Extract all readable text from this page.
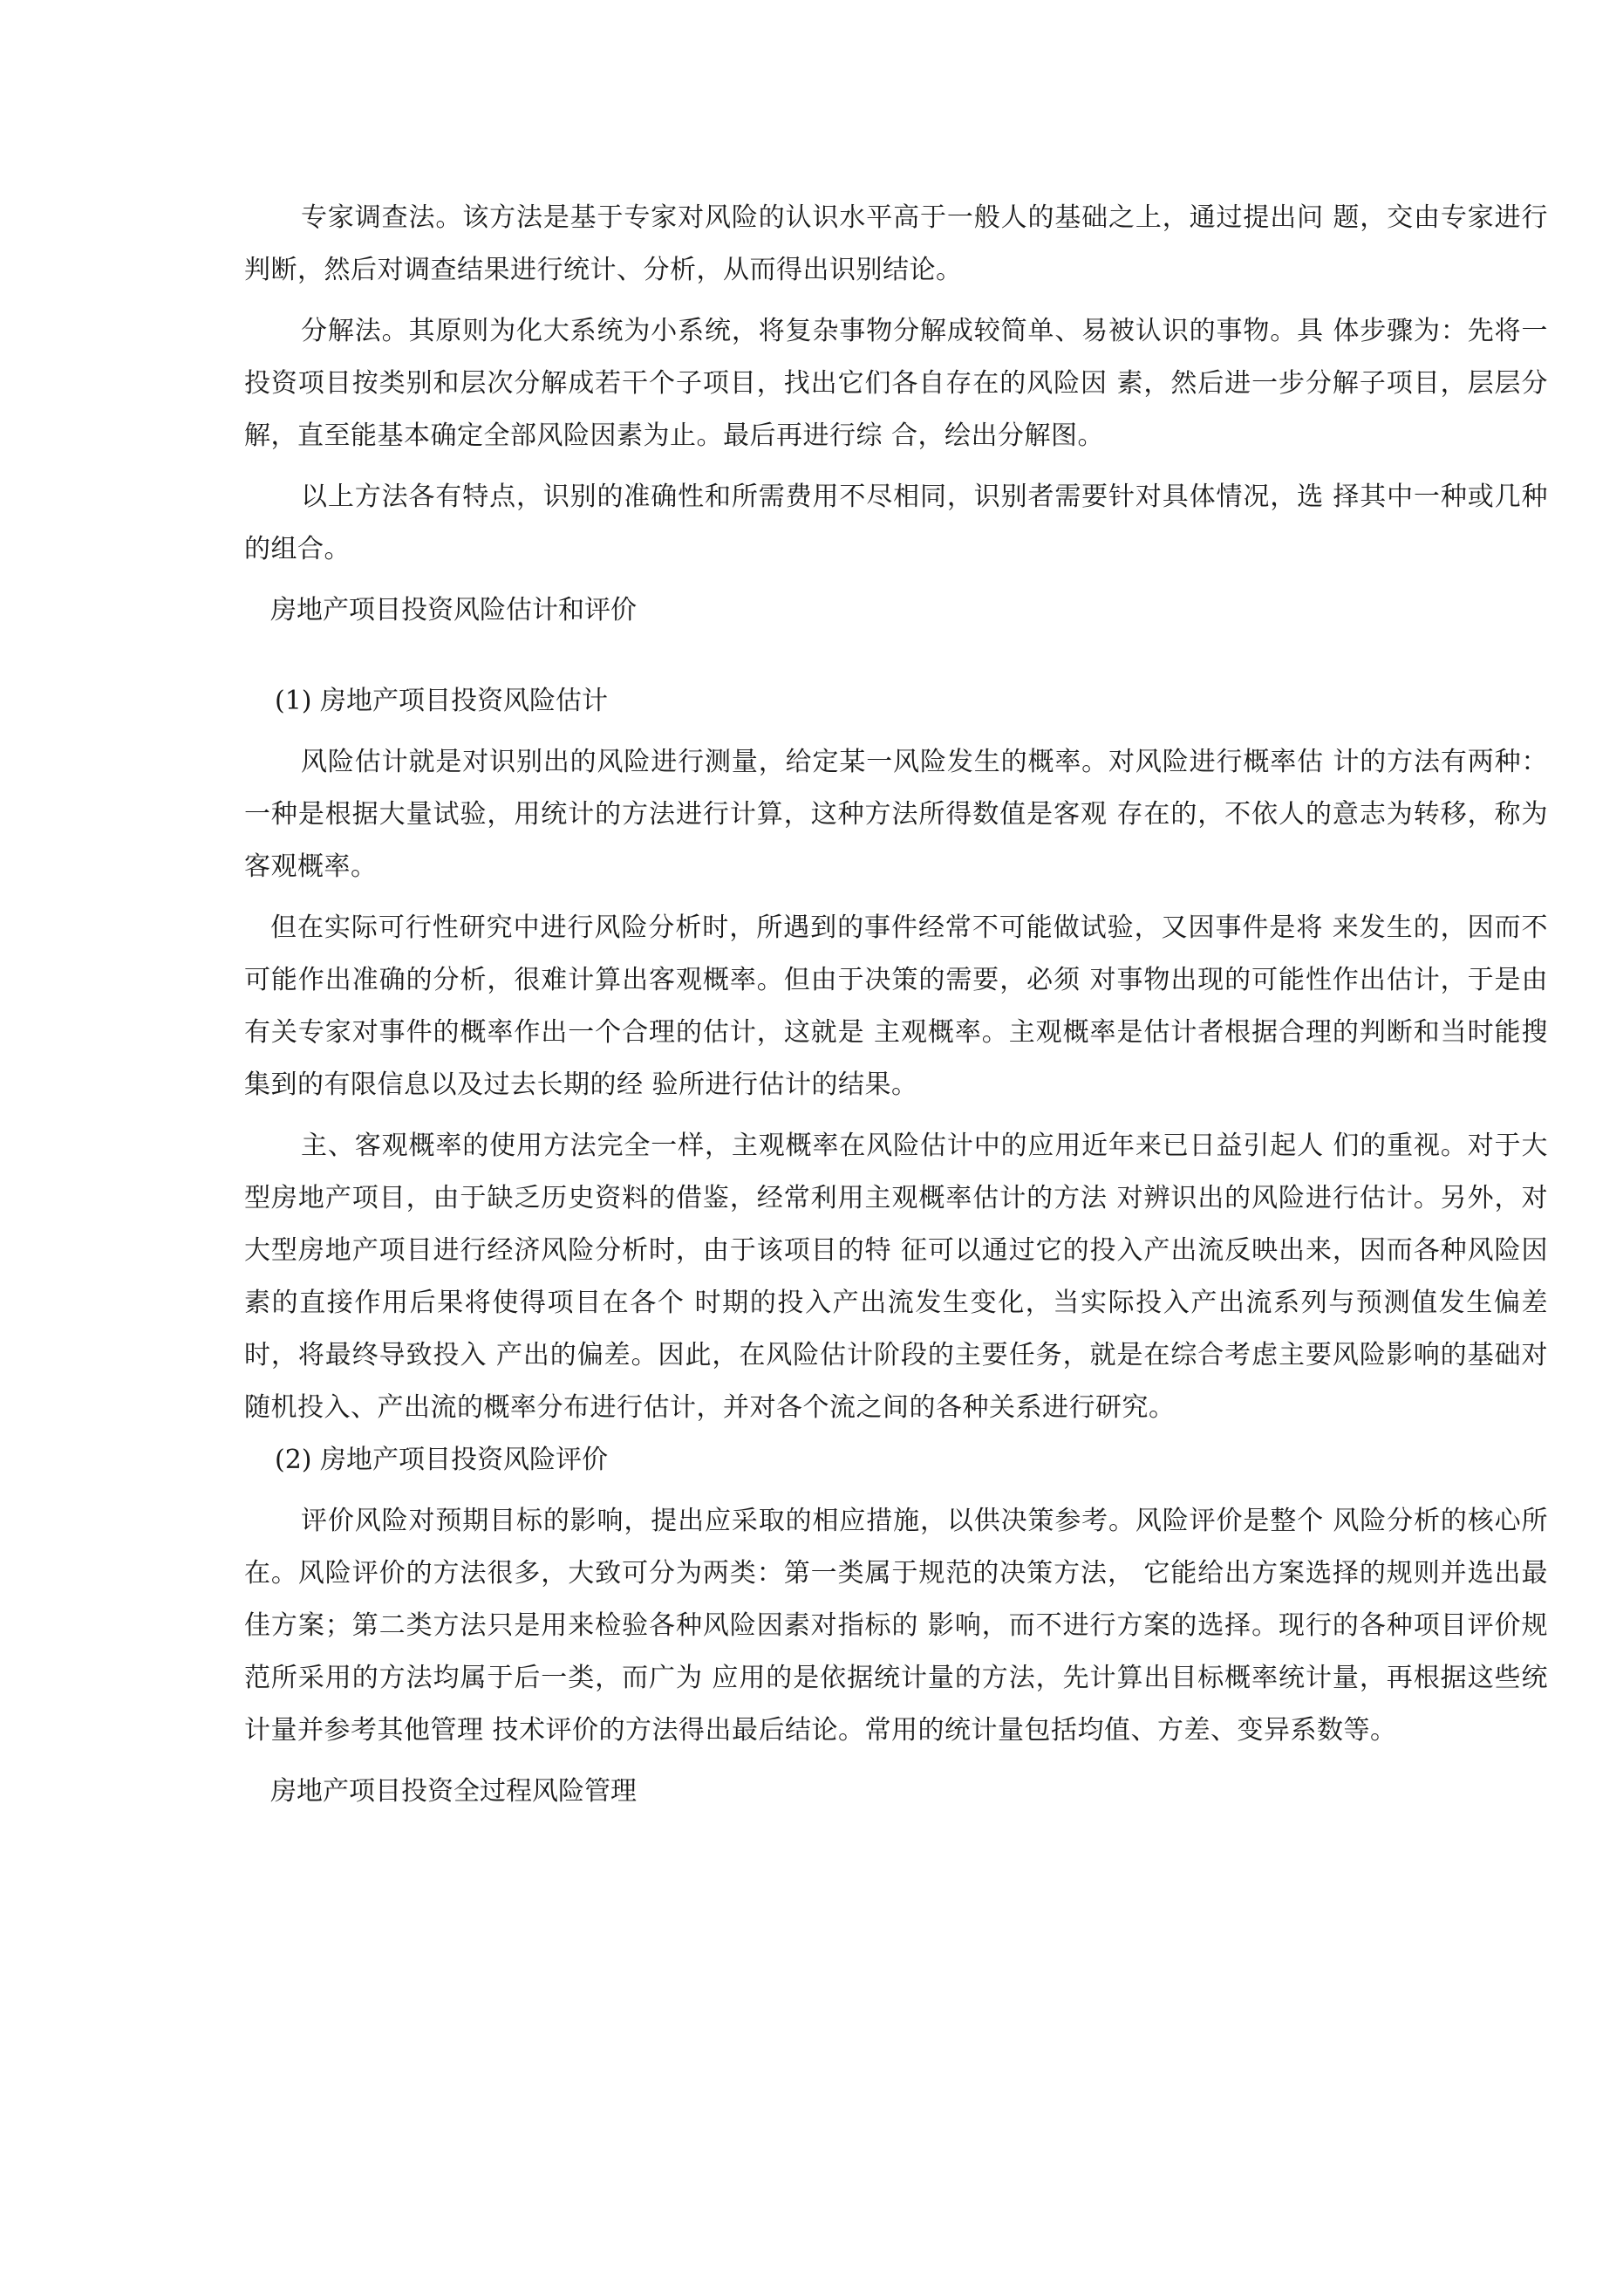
专家调查法。该方法是基于专家对风险的认识水平高于一般人的基础之上，通过提出问 题，交由专家进行判断，然后对调查结果进行统计、分析，从而得出识别结论。

分解法。其原则为化大系统为小系统，将复杂事物分解成较简单、易被认识的事物。具 体步骤为：先将一投资项目按类别和层次分解成若干个子项目，找出它们各自存在的风险因 素，然后进一步分解子项目，层层分解，直至能基本确定全部风险因素为止。最后再进行综 合，绘出分解图。

以上方法各有特点，识别的准确性和所需费用不尽相同，识别者需要针对具体情况，选 择其中一种或几种的组合。

房地产项目投资风险估计和评价

(1) 房地产项目投资风险估计

风险估计就是对识别出的风险进行测量，给定某一风险发生的概率。对风险进行概率估 计的方法有两种：一种是根据大量试验，用统计的方法进行计算，这种方法所得数值是客观 存在的，不依人的意志为转移，称为客观概率。

但在实际可行性研究中进行风险分析时，所遇到的事件经常不可能做试验，又因事件是将 来发生的，因而不可能作出准确的分析，很难计算出客观概率。但由于决策的需要，必须 对事物出现的可能性作出估计，于是由有关专家对事件的概率作出一个合理的估计，这就是 主观概率。主观概率是估计者根据合理的判断和当时能搜集到的有限信息以及过去长期的经 验所进行估计的结果。

主、客观概率的使用方法完全一样，主观概率在风险估计中的应用近年来已日益引起人 们的重视。对于大型房地产项目，由于缺乏历史资料的借鉴，经常利用主观概率估计的方法 对辨识出的风险进行估计。另外，对大型房地产项目进行经济风险分析时，由于该项目的特 征可以通过它的投入产出流反映出来，因而各种风险因素的直接作用后果将使得项目在各个 时期的投入产出流发生变化，当实际投入产出流系列与预测值发生偏差时，将最终导致投入 产出的偏差。因此，在风险估计阶段的主要任务，就是在综合考虑主要风险影响的基础对随机投入、产出流的概率分布进行估计，并对各个流之间的各种关系进行研究。

(2) 房地产项目投资风险评价

评价风险对预期目标的影响，提出应采取的相应措施，以供决策参考。风险评价是整个 风险分析的核心所在。风险评价的方法很多，大致可分为两类：第一类属于规范的决策方法， 它能给出方案选择的规则并选出最佳方案；第二类方法只是用来检验各种风险因素对指标的 影响，而不进行方案的选择。现行的各种项目评价规范所采用的方法均属于后一类，而广为 应用的是依据统计量的方法，先计算出目标概率统计量，再根据这些统计量并参考其他管理 技术评价的方法得出最后结论。常用的统计量包括均值、方差、变异系数等。

房地产项目投资全过程风险管理
